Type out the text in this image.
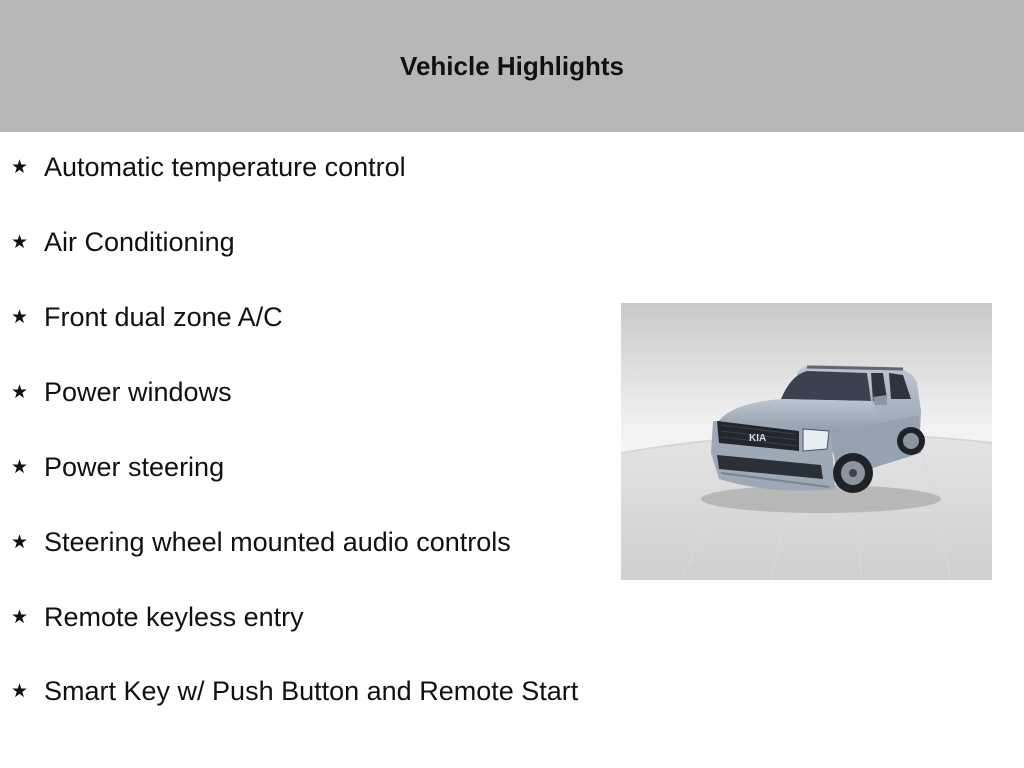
Vehicle Highlights
★ Automatic temperature control
★ Air Conditioning
★ Front dual zone A/C
★ Power windows
★ Power steering
★ Steering wheel mounted audio controls
★ Remote keyless entry
★ Smart Key w/ Push Button and Remote Start
KIA
